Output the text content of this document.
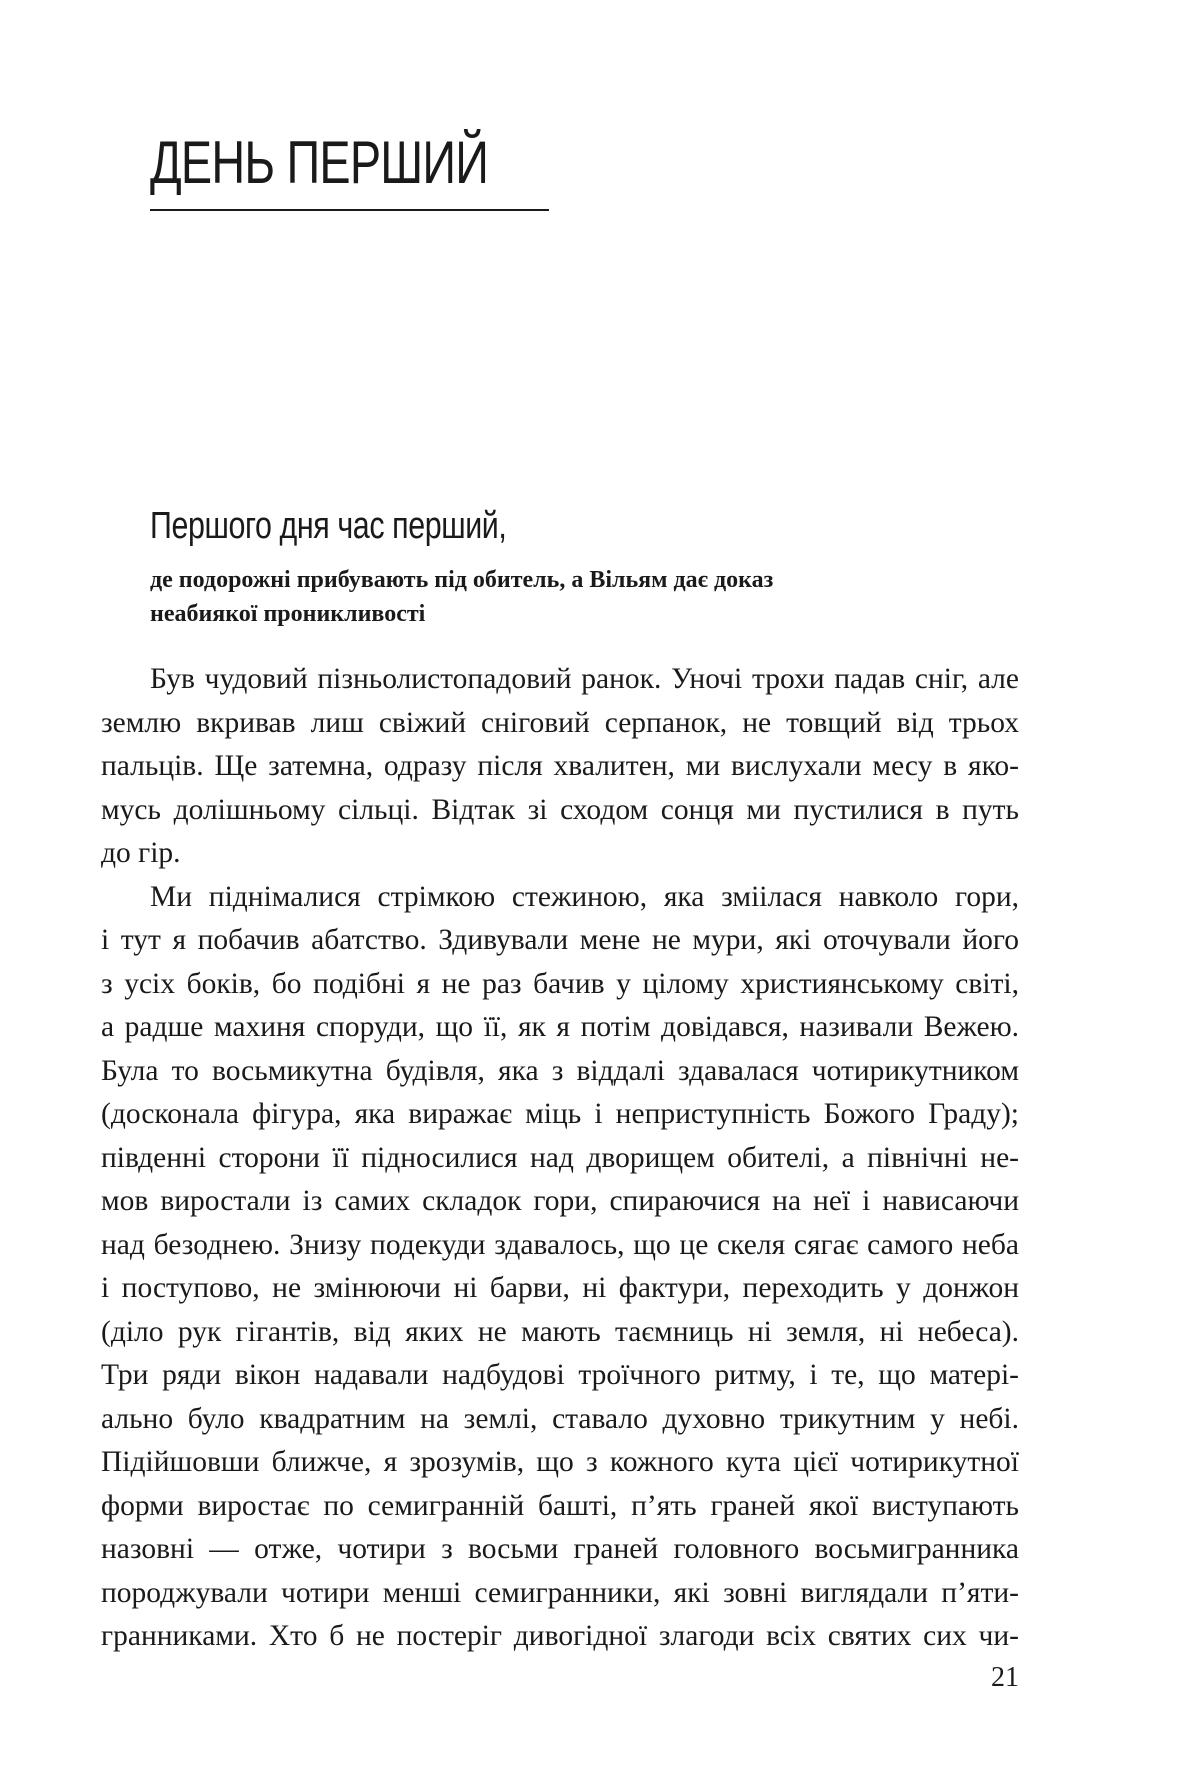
ДЕНЬ ПЕРШИЙ
Першого дня час перший,
де подорожні прибувають під обитель, а Вільям дає доказ
неабиякої проникливості
Був чудовий пізньолистопадовий ранок. Уночі трохи падав сніг, але
землю вкривав лиш свіжий сніговий серпанок, не товщий від трьох
пальців. Ще затемна, одразу після хвалитен, ми вислухали месу в яко-
мусь долішньому сільці. Відтак зі сходом сонця ми пустилися в путь
до гір.
Ми піднімалися стрімкою стежиною, яка зміілася навколо гори,
і тут я побачив абатство. Здивували мене не мури, які оточували його
з усіх боків, бо подібні я не раз бачив у цілому християнському світі,
а радше махиня споруди, що її, як я потім довідався, називали Вежею.
Була то восьмикутна будівля, яка з віддалі здавалася чотирикутником
(досконала фігура, яка виражає міць і неприступність Божого Граду);
південні сторони її підносилися над дворищем обителі, а північні не-
мов виростали із самих складок гори, спираючися на неї і нависаючи
над безоднею. Знизу подекуди здавалось, що це скеля сягає самого неба
і поступово, не змінюючи ні барви, ні фактури, переходить у донжон
(діло рук гігантів, від яких не мають таємниць ні земля, ні небеса).
Три ряди вікон надавали надбудові троїчного ритму, і те, що матері-
ально було квадратним на землі, ставало духовно трикутним у небі.
Підійшовши ближче, я зрозумів, що з кожного кута цієї чотирикутної
форми виростає по семигранній башті, п’ять граней якої виступають
назовні — отже, чотири з восьми граней головного восьмигранника
породжували чотири менші семигранники, які зовні виглядали п’яти-
гранниками. Хто б не постеріг дивогідної злагоди всіх святих сих чи-
21
